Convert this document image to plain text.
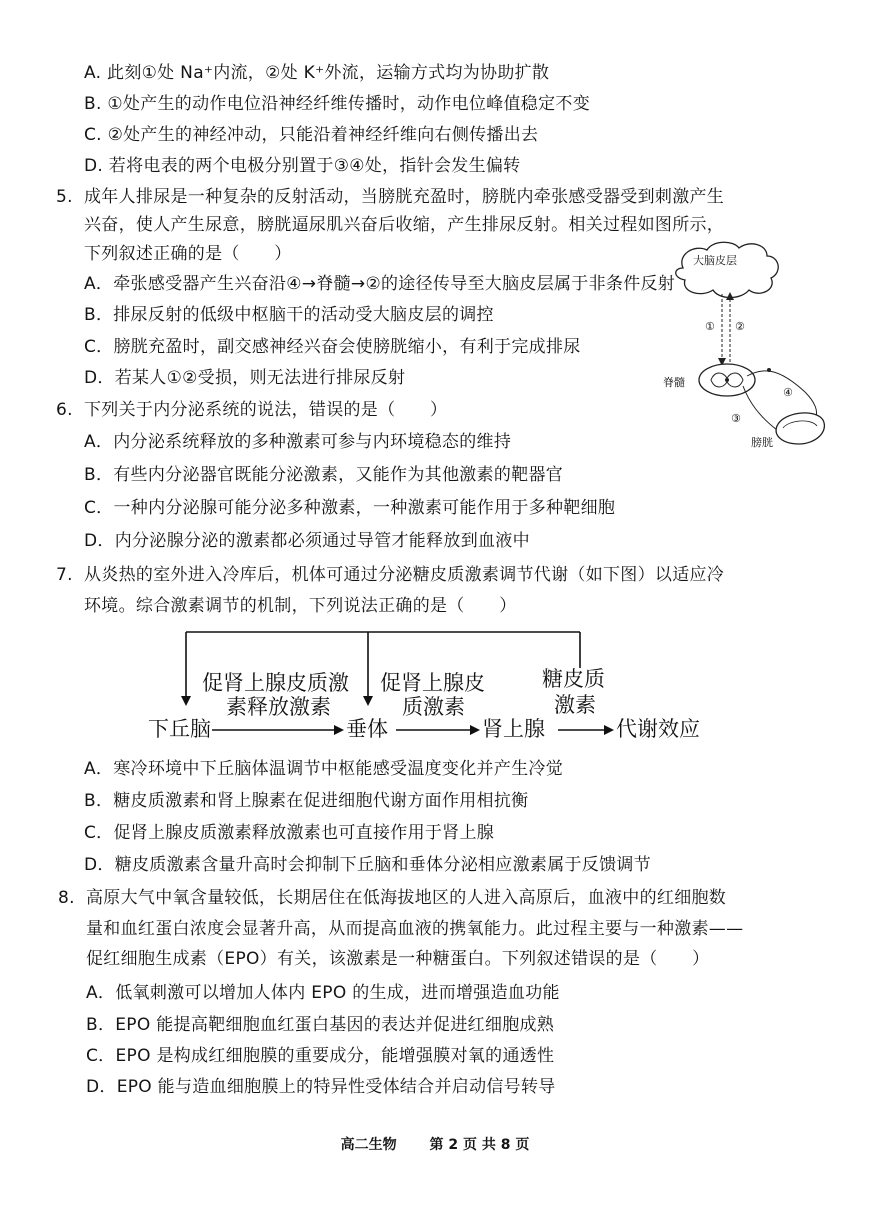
A. 此刻①处 Na⁺内流，②处 K⁺外流，运输方式均为协助扩散
B. ①处产生的动作电位沿神经纤维传播时，动作电位峰值稳定不变
C. ②处产生的神经冲动，只能沿着神经纤维向右侧传播出去
D. 若将电表的两个电极分别置于③④处，指针会发生偏转
5. 成年人排尿是一种复杂的反射活动，当膀胱充盈时，膀胱内牵张感受器受到刺激产生
兴奋，使人产生尿意，膀胱逼尿肌兴奋后收缩，产生排尿反射。相关过程如图所示，
下列叙述正确的是（　　）
A．牵张感受器产生兴奋沿④→脊髓→②的途径传导至大脑皮层属于非条件反射
B．排尿反射的低级中枢脑干的活动受大脑皮层的调控
C．膀胱充盈时，副交感神经兴奋会使膀胱缩小，有利于完成排尿
D．若某人①②受损，则无法进行排尿反射
大脑皮层
① ②
脊髓
④
③
膀胱
6. 下列关于内分泌系统的说法，错误的是（　　）
A．内分泌系统释放的多种激素可参与内环境稳态的维持
B．有些内分泌器官既能分泌激素，又能作为其他激素的靶器官
C．一种内分泌腺可能分泌多种激素，一种激素可能作用于多种靶细胞
D．内分泌腺分泌的激素都必须通过导管才能释放到血液中
7. 从炎热的室外进入冷库后，机体可通过分泌糖皮质激素调节代谢（如下图）以适应冷
环境。综合激素调节的机制，下列说法正确的是（　　）
促肾上腺皮质激
素释放激素
促肾上腺皮
质激素
糖皮质
激素
下丘脑	垂体	肾上腺	代谢效应
A．寒冷环境中下丘脑体温调节中枢能感受温度变化并产生冷觉
B．糖皮质激素和肾上腺素在促进细胞代谢方面作用相抗衡
C．促肾上腺皮质激素释放激素也可直接作用于肾上腺
D．糖皮质激素含量升高时会抑制下丘脑和垂体分泌相应激素属于反馈调节
8. 高原大气中氧含量较低，长期居住在低海拔地区的人进入高原后，血液中的红细胞数
量和血红蛋白浓度会显著升高，从而提高血液的携氧能力。此过程主要与一种激素——
促红细胞生成素（EPO）有关，该激素是一种糖蛋白。下列叙述错误的是（　　）
A．低氧刺激可以增加人体内 EPO 的生成，进而增强造血功能
B．EPO 能提高靶细胞血红蛋白基因的表达并促进红细胞成熟
C．EPO 是构成红细胞膜的重要成分，能增强膜对氧的通透性
D．EPO 能与造血细胞膜上的特异性受体结合并启动信号转导
高二生物 第 2 页 共 8 页
